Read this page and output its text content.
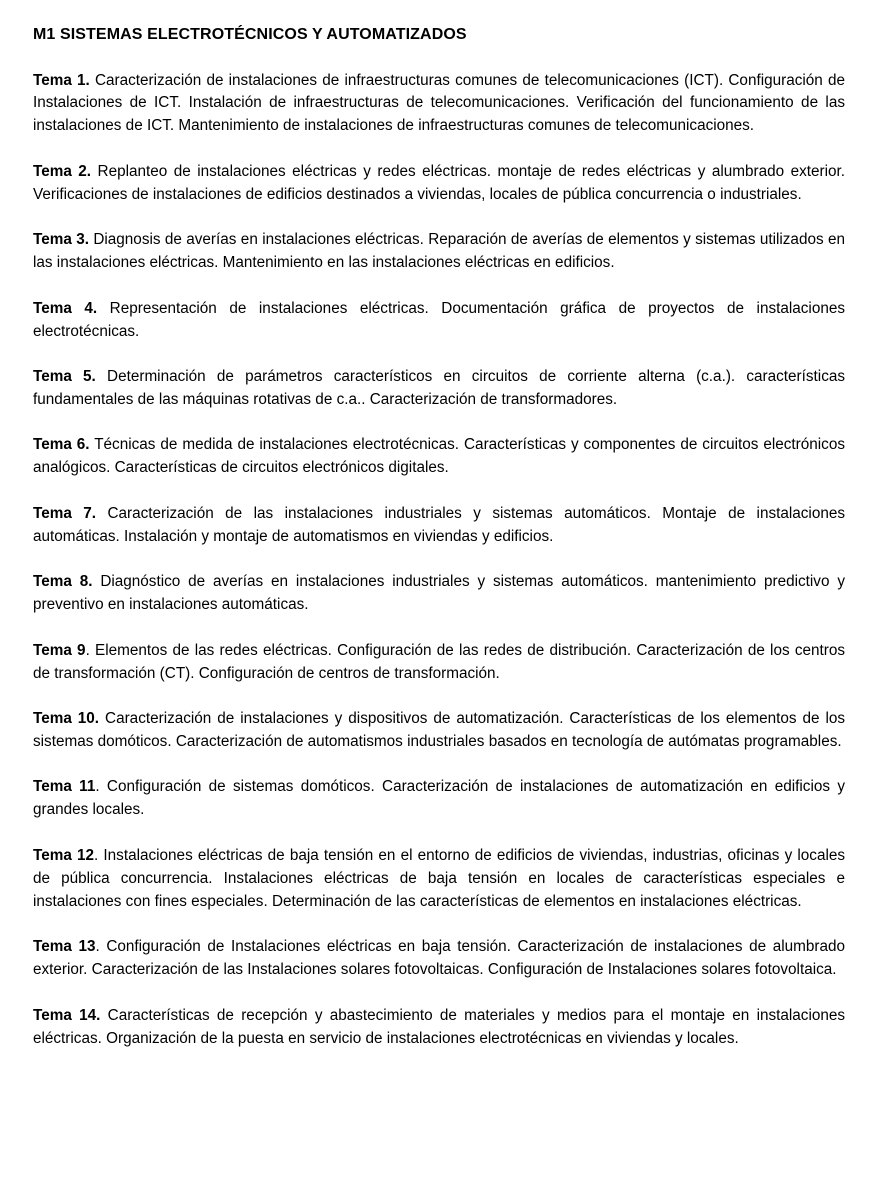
M1 SISTEMAS ELECTROTÉCNICOS Y AUTOMATIZADOS

Tema 1. Caracterización de instalaciones de infraestructuras comunes de telecomunicaciones (ICT). Configuración de Instalaciones de ICT. Instalación de infraestructuras de telecomunicaciones. Verificación del funcionamiento de las instalaciones de ICT. Mantenimiento de instalaciones de infraestructuras comunes de telecomunicaciones.

Tema 2. Replanteo de instalaciones eléctricas y redes eléctricas. montaje de redes eléctricas y alumbrado exterior. Verificaciones de instalaciones de edificios destinados a viviendas, locales de pública concurrencia o industriales.

Tema 3. Diagnosis de averías en instalaciones eléctricas. Reparación de averías de elementos y sistemas utilizados en las instalaciones eléctricas. Mantenimiento en las instalaciones eléctricas en edificios.

Tema 4. Representación de instalaciones eléctricas. Documentación gráfica de proyectos de instalaciones electrotécnicas.

Tema 5. Determinación de parámetros característicos en circuitos de corriente alterna (c.a.). características fundamentales de las máquinas rotativas de c.a.. Caracterización de transformadores.

Tema 6. Técnicas de medida de instalaciones electrotécnicas. Características y componentes de circuitos electrónicos analógicos. Características de circuitos electrónicos digitales.

Tema 7. Caracterización de las instalaciones industriales y sistemas automáticos. Montaje de instalaciones automáticas. Instalación y montaje de automatismos en viviendas y edificios.

Tema 8. Diagnóstico de averías en instalaciones industriales y sistemas automáticos. mantenimiento predictivo y preventivo en instalaciones automáticas.

Tema 9. Elementos de las redes eléctricas. Configuración de las redes de distribución. Caracterización de los centros de transformación (CT). Configuración de centros de transformación.

Tema 10. Caracterización de instalaciones y dispositivos de automatización. Características de los elementos de los sistemas domóticos. Caracterización de automatismos industriales basados en tecnología de autómatas programables.

Tema 11. Configuración de sistemas domóticos. Caracterización de instalaciones de automatización en edificios y grandes locales.

Tema 12. Instalaciones eléctricas de baja tensión en el entorno de edificios de viviendas, industrias, oficinas y locales de pública concurrencia. Instalaciones eléctricas de baja tensión en locales de características especiales e instalaciones con fines especiales. Determinación de las características de elementos en instalaciones eléctricas.

Tema 13. Configuración de Instalaciones eléctricas en baja tensión. Caracterización de instalaciones de alumbrado exterior. Caracterización de las Instalaciones solares fotovoltaicas. Configuración de Instalaciones solares fotovoltaica.

Tema 14. Características de recepción y abastecimiento de materiales y medios para el montaje en instalaciones eléctricas. Organización de la puesta en servicio de instalaciones electrotécnicas en viviendas y locales.
